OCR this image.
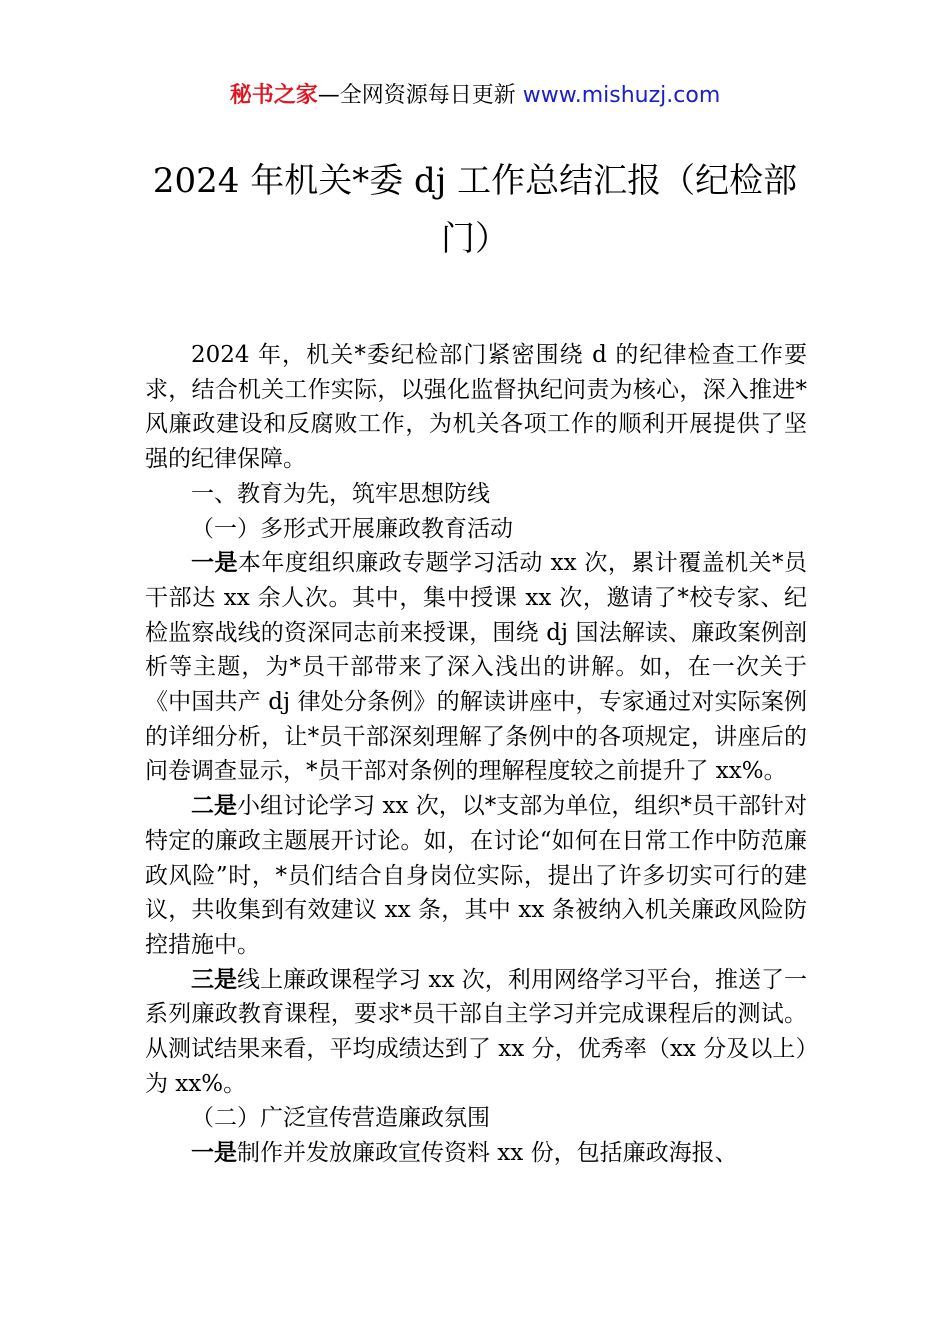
秘书之家—全网资源每日更新 www.mishuzj.com
2024 年机关*委 dj 工作总结汇报（纪检部门）

2024 年，机关*委纪检部门紧密围绕 d 的纪律检查工作要求，结合机关工作实际，以强化监督执纪问责为核心，深入推进*风廉政建设和反腐败工作，为机关各项工作的顺利开展提供了坚强的纪律保障。

一、教育为先，筑牢思想防线

（一）多形式开展廉政教育活动

一是本年度组织廉政专题学习活动 xx 次，累计覆盖机关*员干部达 xx 余人次。其中，集中授课 xx 次，邀请了*校专家、纪检监察战线的资深同志前来授课，围绕 dj 国法解读、廉政案例剖析等主题，为*员干部带来了深入浅出的讲解。如，在一次关于《中国共产 dj 律处分条例》的解读讲座中，专家通过对实际案例的详细分析，让*员干部深刻理解了条例中的各项规定，讲座后的问卷调查显示，*员干部对条例的理解程度较之前提升了 xx%。

二是小组讨论学习 xx 次，以*支部为单位，组织*员干部针对特定的廉政主题展开讨论。如，在讨论“如何在日常工作中防范廉政风险”时，*员们结合自身岗位实际，提出了许多切实可行的建议，共收集到有效建议 xx 条，其中 xx 条被纳入机关廉政风险防控措施中。

三是线上廉政课程学习 xx 次，利用网络学习平台，推送了一系列廉政教育课程，要求*员干部自主学习并完成课程后的测试。从测试结果来看，平均成绩达到了 xx 分，优秀率（xx 分及以上）为 xx%。

（二）广泛宣传营造廉政氛围

一是制作并发放廉政宣传资料 xx 份，包括廉政海报、
